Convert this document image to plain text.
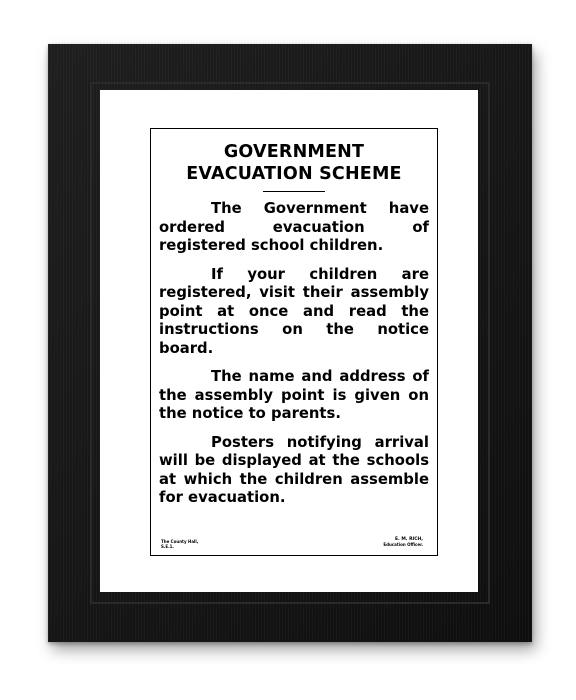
GOVERNMENT

EVACUATION SCHEME

The Government have ordered evacuation of registered school children.

If your children are registered, visit their assembly point at once and read the instructions on the notice board.

The name and address of the assembly point is given on the notice to parents.

Posters notifying arrival will be displayed at the schools at which the children assemble for evacuation.

The County Hall,
S.E.1.
E. M. RICH,
Education Officer.
